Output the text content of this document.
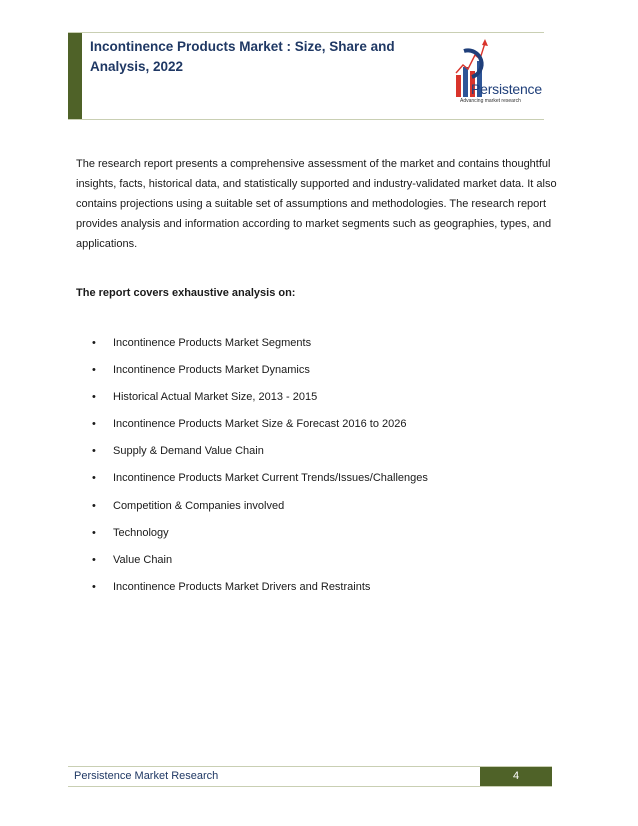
Incontinence Products Market : Size, Share and Analysis, 2022
Persistence
Advancing market research

The research report presents a comprehensive assessment of the market and contains thoughtful insights, facts, historical data, and statistically supported and industry-validated market data. It also contains projections using a suitable set of assumptions and methodologies. The research report provides analysis and information according to market segments such as geographies, types, and applications.

The report covers exhaustive analysis on:

• Incontinence Products Market Segments
• Incontinence Products Market Dynamics
• Historical Actual Market Size, 2013 - 2015
• Incontinence Products Market Size & Forecast 2016 to 2026
• Supply & Demand Value Chain
• Incontinence Products Market Current Trends/Issues/Challenges
• Competition & Companies involved
• Technology
• Value Chain
• Incontinence Products Market Drivers and Restraints
Persistence Market Research	4
